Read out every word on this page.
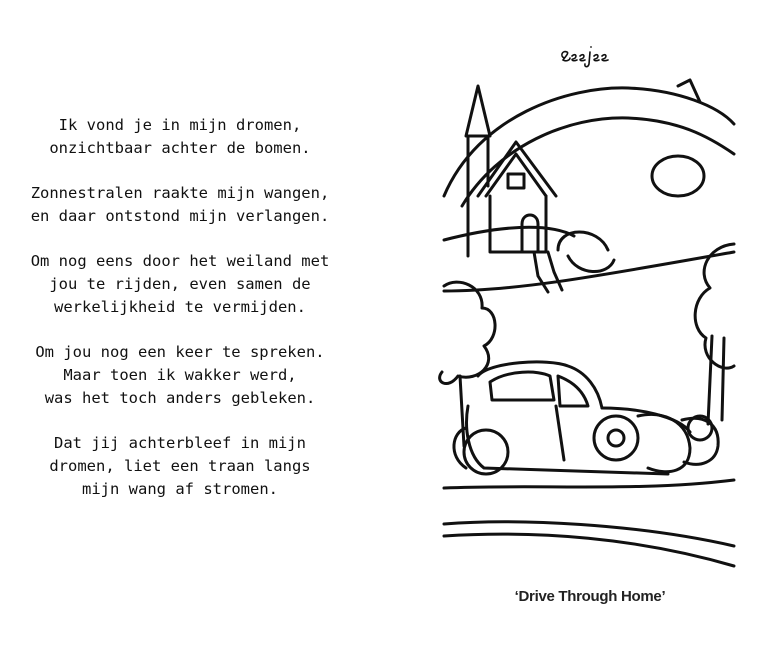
Ik vond je in mijn dromen,
onzichtbaar achter de bomen.
Zonnestralen raakte mijn wangen,
en daar ontstond mijn verlangen.
Om nog eens door het weiland met
jou te rijden, even samen de
werkelijkheid te vermijden.
Om jou nog een keer te spreken.
Maar toen ik wakker werd,
was het toch anders gebleken.
Dat jij achterbleef in mijn
dromen, liet een traan langs
mijn wang af stromen.
‘Drive Through Home’
